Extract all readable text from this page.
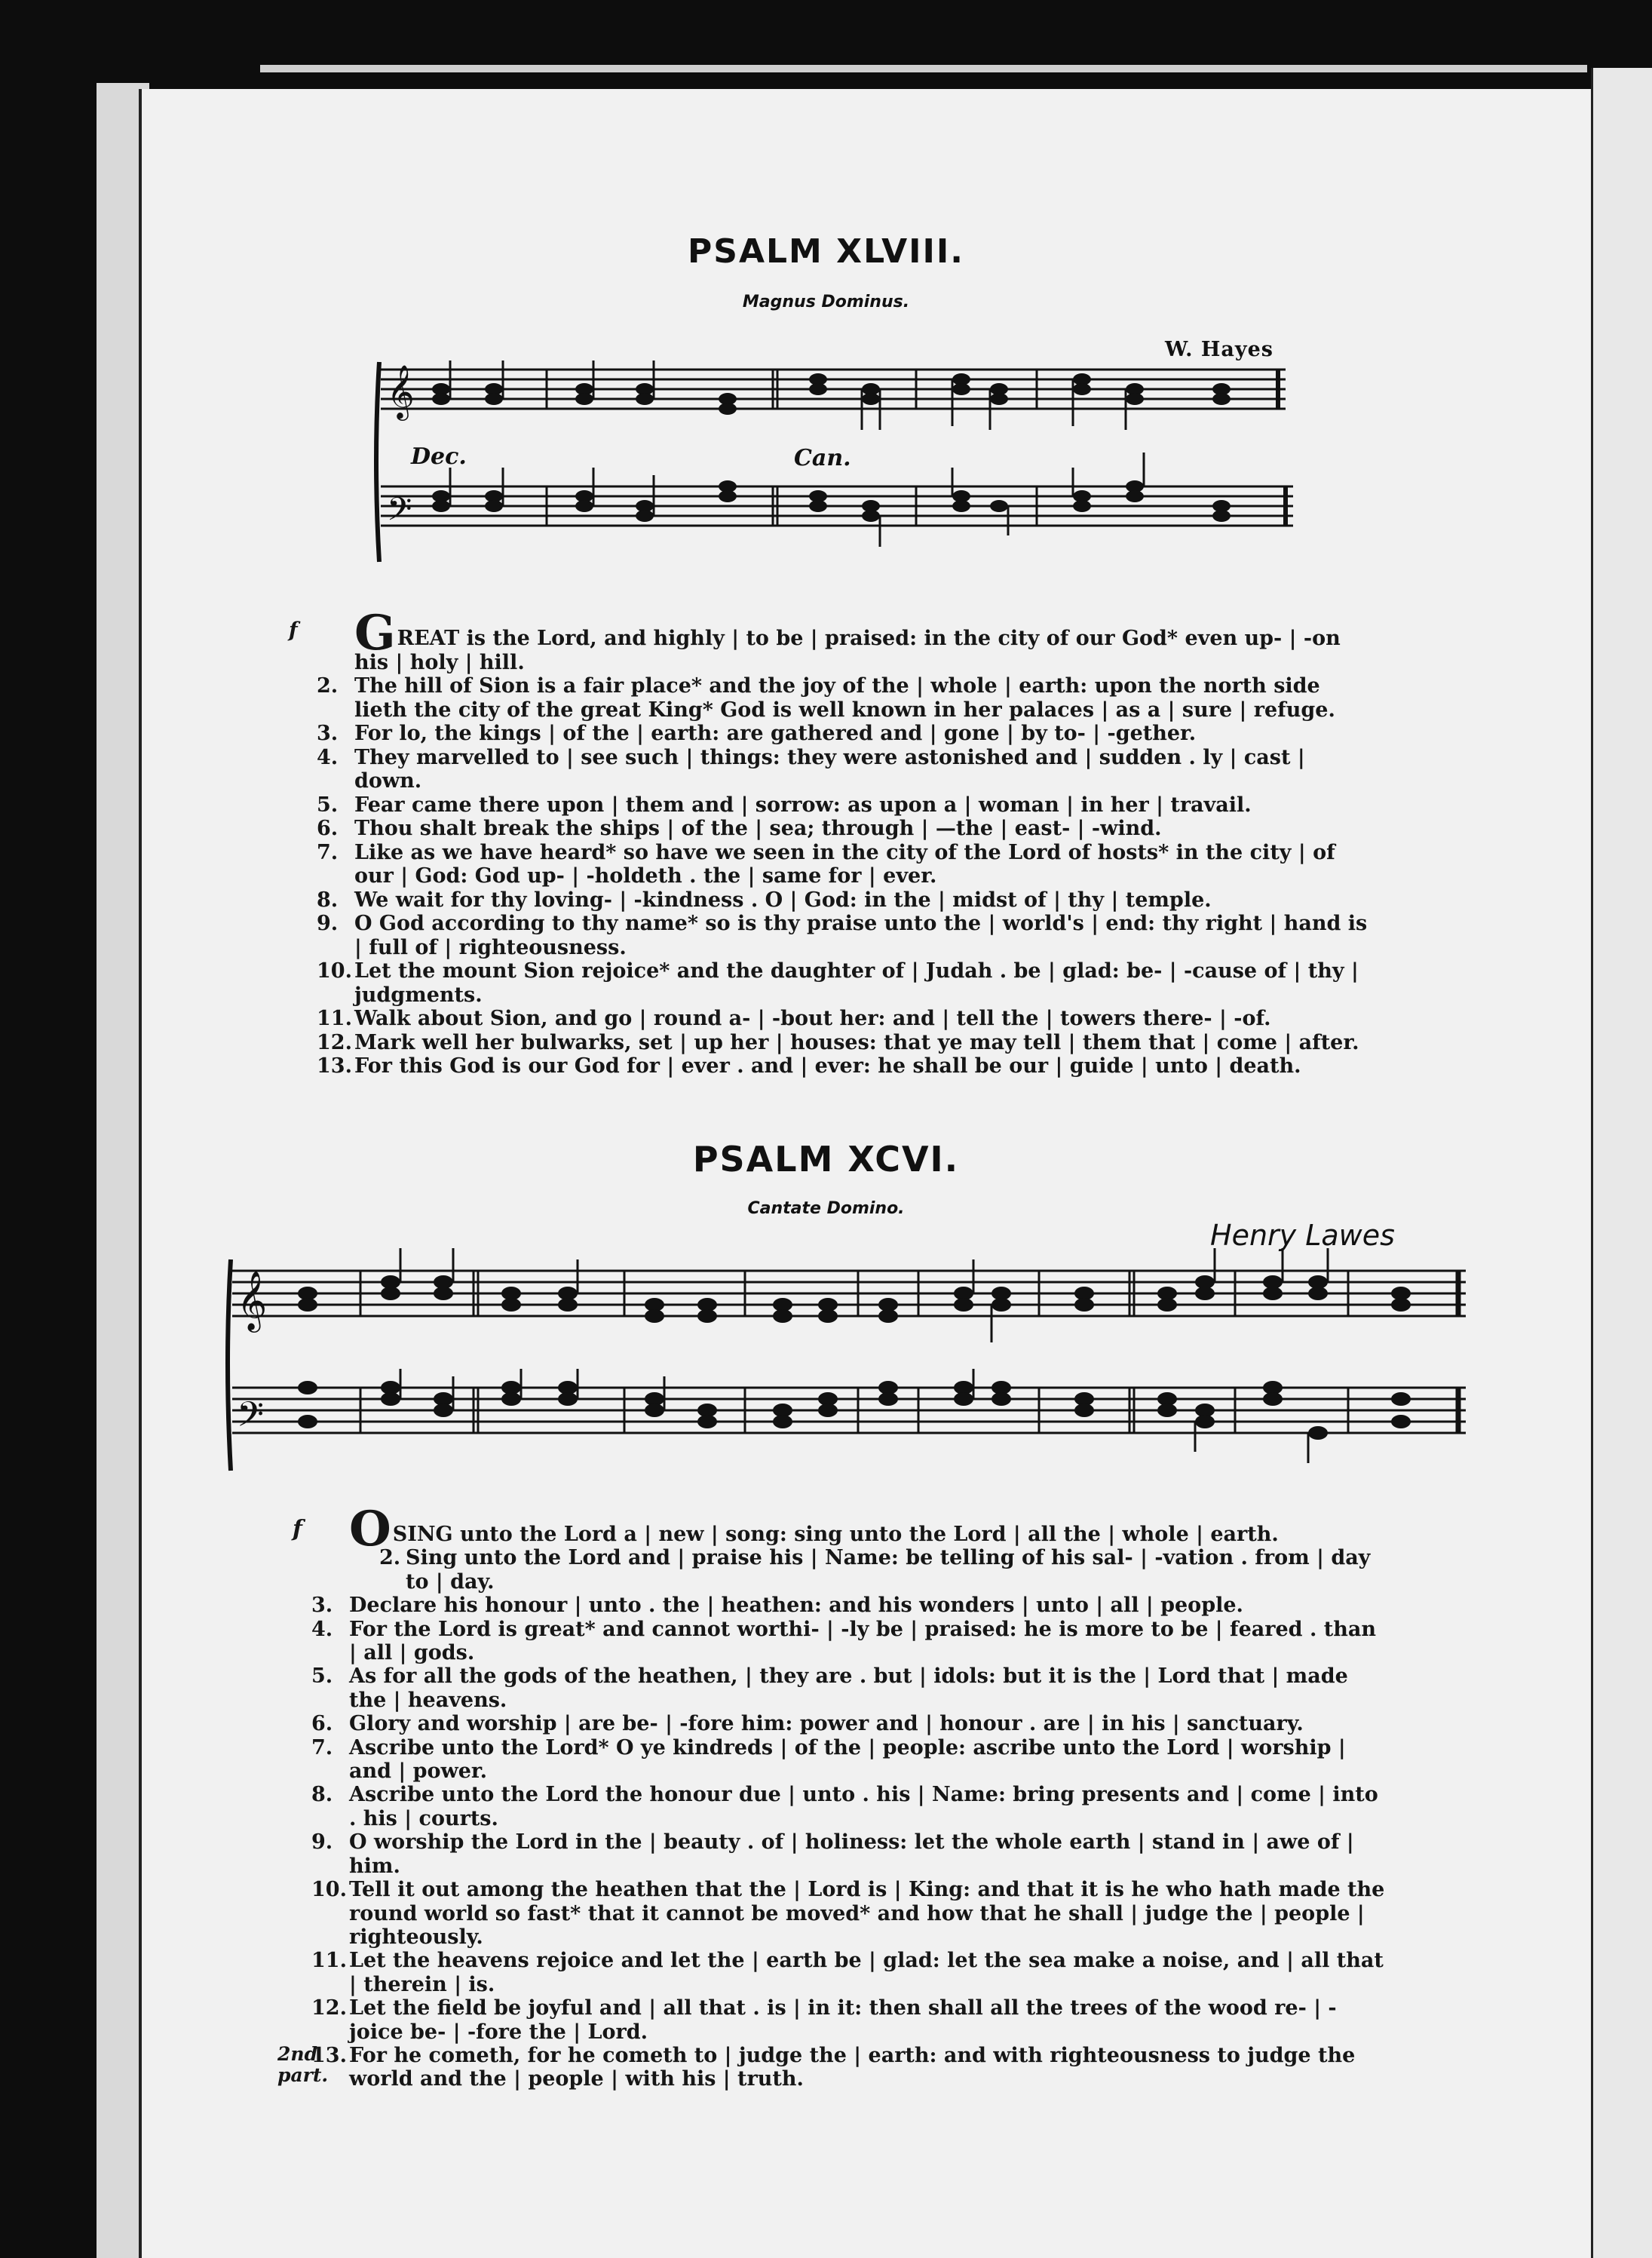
PSALM XLVIII.
Magnus Dominus.
W. Hayes
𝄞
𝄢
Dec.	Can.
f GREAT is the Lord, and highly | to be | praised: in the city of our God* even up- | -on his | holy | hill.
2. The hill of Sion is a fair place* and the joy of the | whole | earth: upon the north side lieth the city of the great King* God is well known in her palaces | as a | sure | refuge.
3. For lo, the kings | of the | earth: are gathered and | gone | by to- | -gether.
4. They marvelled to | see such | things: they were astonished and | sudden . ly | cast | down.
5. Fear came there upon | them and | sorrow: as upon a | woman | in her | travail.
6. Thou shalt break the ships | of the | sea; through | —the | east- | -wind.
7. Like as we have heard* so have we seen in the city of the Lord of hosts* in the city | of our | God: God up- | -holdeth . the | same for | ever.
8. We wait for thy loving- | -kindness . O | God: in the | midst of | thy | temple.
9. O God according to thy name* so is thy praise unto the | world's | end: thy right | hand is | full of | righteousness.
10. Let the mount Sion rejoice* and the daughter of | Judah . be | glad: be- | -cause of | thy | judgments.
11. Walk about Sion, and go | round a- | -bout her: and | tell the | towers there- | -of.
12. Mark well her bulwarks, set | up her | houses: that ye may tell | them that | come | after.
13. For this God is our God for | ever . and | ever: he shall be our | guide | unto | death.
PSALM XCVI.
Cantate Domino.
Henry Lawes
𝄞
𝄢
f OSING unto the Lord a | new | song: sing unto the Lord | all the | whole | earth.
2. Sing unto the Lord and | praise his | Name: be telling of his sal- | -vation . from | day to | day.
3. Declare his honour | unto . the | heathen: and his wonders | unto | all | people.
4. For the Lord is great* and cannot worthi- | -ly be | praised: he is more to be | feared . than | all | gods.
5. As for all the gods of the heathen, | they are . but | idols: but it is the | Lord that | made the | heavens.
6. Glory and worship | are be- | -fore him: power and | honour . are | in his | sanctuary.
7. Ascribe unto the Lord* O ye kindreds | of the | people: ascribe unto the Lord | worship | and | power.
8. Ascribe unto the Lord the honour due | unto . his | Name: bring presents and | come | into . his | courts.
9. O worship the Lord in the | beauty . of | holiness: let the whole earth | stand in | awe of | him.
10. Tell it out among the heathen that the | Lord is | King: and that it is he who hath made the round world so fast* that it cannot be moved* and how that he shall | judge the | people | righteously.
11. Let the heavens rejoice and let the | earth be | glad: let the sea make a noise, and | all that | therein | is.
12. Let the field be joyful and | all that . is | in it: then shall all the trees of the wood re- | -joice be- | -fore the | Lord.
2nd part.
13. For he cometh, for he cometh to | judge the | earth: and with righteousness to judge the world and the | people | with his | truth.
